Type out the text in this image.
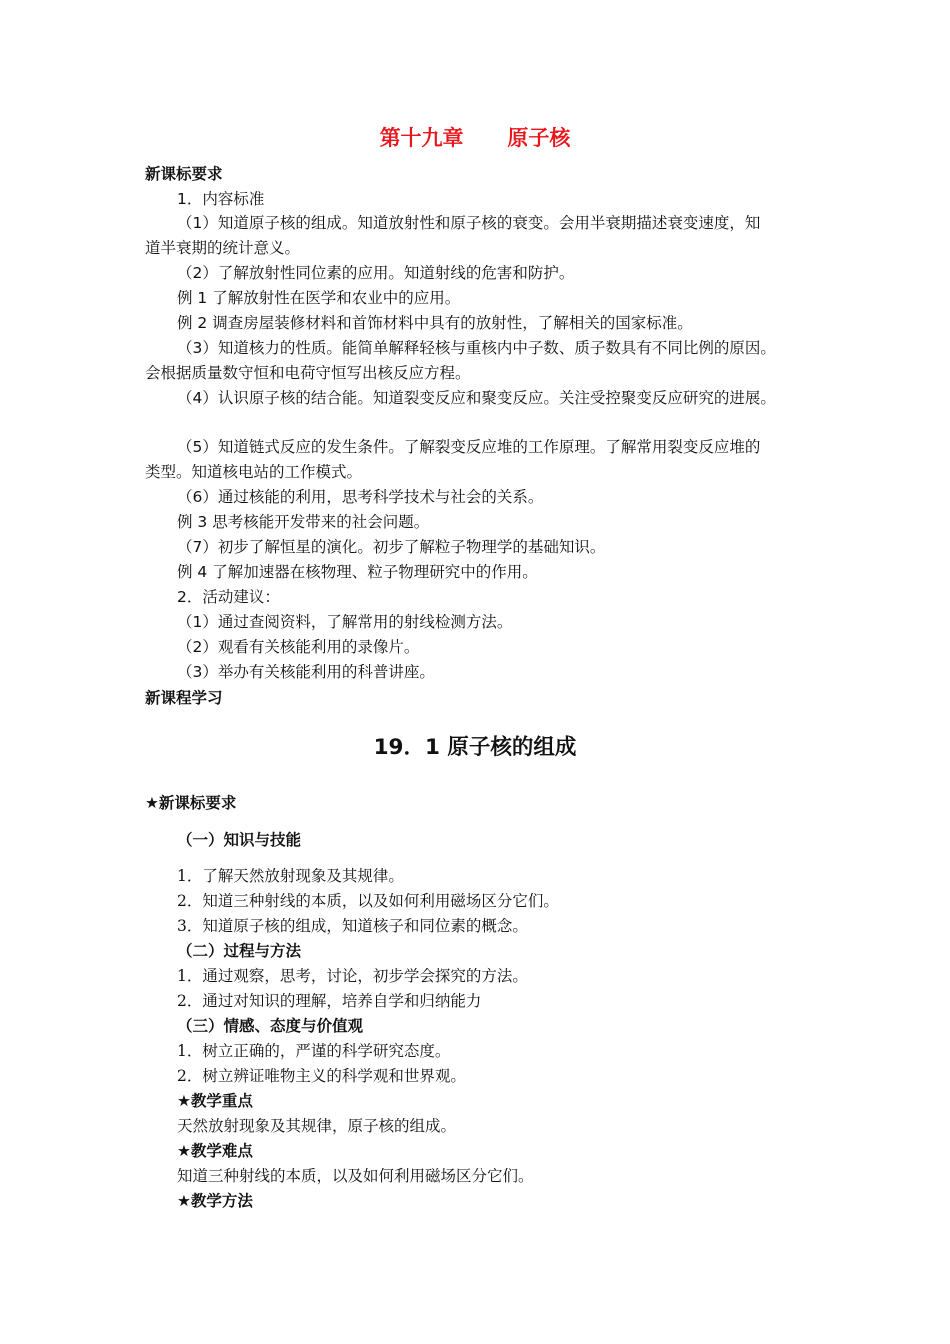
第十九章      原子核
新课标要求
1．内容标准
（1）知道原子核的组成。知道放射性和原子核的衰变。会用半衰期描述衰变速度，知
道半衰期的统计意义。
（2）了解放射性同位素的应用。知道射线的危害和防护。
例 1 了解放射性在医学和农业中的应用。
例 2 调查房屋装修材料和首饰材料中具有的放射性，了解相关的国家标准。
（3）知道核力的性质。能简单解释轻核与重核内中子数、质子数具有不同比例的原因。
会根据质量数守恒和电荷守恒写出核反应方程。
（4）认识原子核的结合能。知道裂变反应和聚变反应。关注受控聚变反应研究的进展。
（5）知道链式反应的发生条件。了解裂变反应堆的工作原理。了解常用裂变反应堆的
类型。知道核电站的工作模式。
（6）通过核能的利用，思考科学技术与社会的关系。
例 3 思考核能开发带来的社会问题。
（7）初步了解恒星的演化。初步了解粒子物理学的基础知识。
例 4 了解加速器在核物理、粒子物理研究中的作用。
2．活动建议：
（1）通过查阅资料，了解常用的射线检测方法。
（2）观看有关核能利用的录像片。
（3）举办有关核能利用的科普讲座。
新课程学习
19．1 原子核的组成
★新课标要求
（一）知识与技能
1．了解天然放射现象及其规律。
2．知道三种射线的本质，以及如何利用磁场区分它们。
3．知道原子核的组成，知道核子和同位素的概念。
（二）过程与方法
1．通过观察，思考，讨论，初步学会探究的方法。
2．通过对知识的理解，培养自学和归纳能力
（三）情感、态度与价值观
1．树立正确的，严谨的科学研究态度。
2．树立辨证唯物主义的科学观和世界观。
★教学重点
天然放射现象及其规律，原子核的组成。
★教学难点
知道三种射线的本质，以及如何利用磁场区分它们。
★教学方法
